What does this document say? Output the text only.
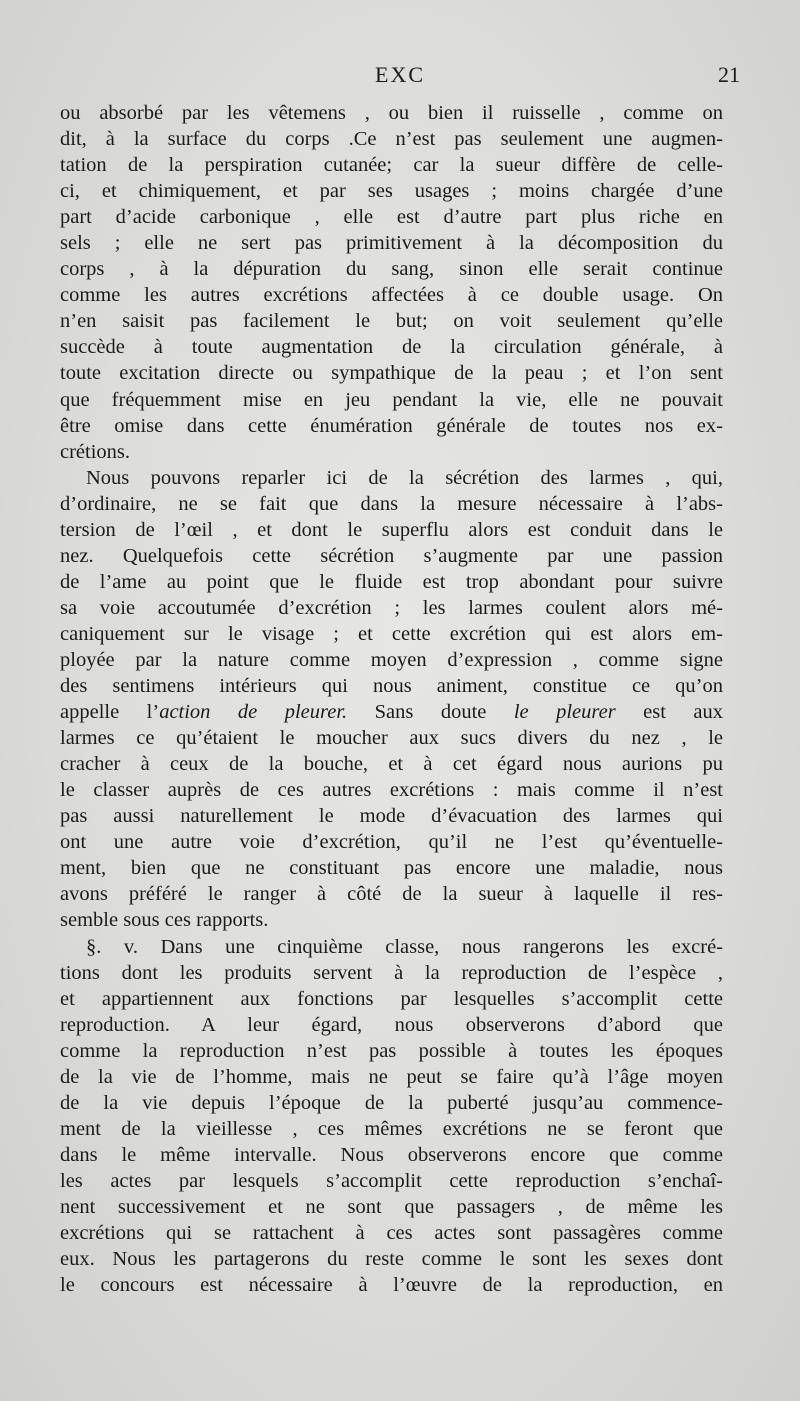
EXC	21
ou absorbé par les vêtemens , ou bien il ruisselle , comme on
dit, à la surface du corps .Ce n’est pas seulement une augmen-
tation de la perspiration cutanée; car la sueur diffère de celle-
ci, et chimiquement, et par ses usages ; moins chargée d’une
part d’acide carbonique , elle est d’autre part plus riche en
sels ; elle ne sert pas primitivement à la décomposition du
corps , à la dépuration du sang, sinon elle serait continue
comme les autres excrétions affectées à ce double usage. On
n’en saisit pas facilement le but; on voit seulement qu’elle
succède à toute augmentation de la circulation générale, à
toute excitation directe ou sympathique de la peau ; et l’on sent
que fréquemment mise en jeu pendant la vie, elle ne pouvait
être omise dans cette énumération générale de toutes nos ex-
crétions.
Nous pouvons reparler ici de la sécrétion des larmes , qui,
d’ordinaire, ne se fait que dans la mesure nécessaire à l’abs-
tersion de l’œil , et dont le superflu alors est conduit dans le
nez. Quelquefois cette sécrétion s’augmente par une passion
de l’ame au point que le fluide est trop abondant pour suivre
sa voie accoutumée d’excrétion ; les larmes coulent alors mé-
caniquement sur le visage ; et cette excrétion qui est alors em-
ployée par la nature comme moyen d’expression , comme signe
des sentimens intérieurs qui nous animent, constitue ce qu’on
appelle l’action de pleurer. Sans doute le pleurer est aux
larmes ce qu’étaient le moucher aux sucs divers du nez , le
cracher à ceux de la bouche, et à cet égard nous aurions pu
le classer auprès de ces autres excrétions : mais comme il n’est
pas aussi naturellement le mode d’évacuation des larmes qui
ont une autre voie d’excrétion, qu’il ne l’est qu’éventuelle-
ment, bien que ne constituant pas encore une maladie, nous
avons préféré le ranger à côté de la sueur à laquelle il res-
semble sous ces rapports.
§. v. Dans une cinquième classe, nous rangerons les excré-
tions dont les produits servent à la reproduction de l’espèce ,
et appartiennent aux fonctions par lesquelles s’accomplit cette
reproduction. A leur égard, nous observerons d’abord que
comme la reproduction n’est pas possible à toutes les époques
de la vie de l’homme, mais ne peut se faire qu’à l’âge moyen
de la vie depuis l’époque de la puberté jusqu’au commence-
ment de la vieillesse , ces mêmes excrétions ne se feront que
dans le même intervalle. Nous observerons encore que comme
les actes par lesquels s’accomplit cette reproduction s’enchaî-
nent successivement et ne sont que passagers , de même les
excrétions qui se rattachent à ces actes sont passagères comme
eux. Nous les partagerons du reste comme le sont les sexes dont
le concours est nécessaire à l’œuvre de la reproduction, en
